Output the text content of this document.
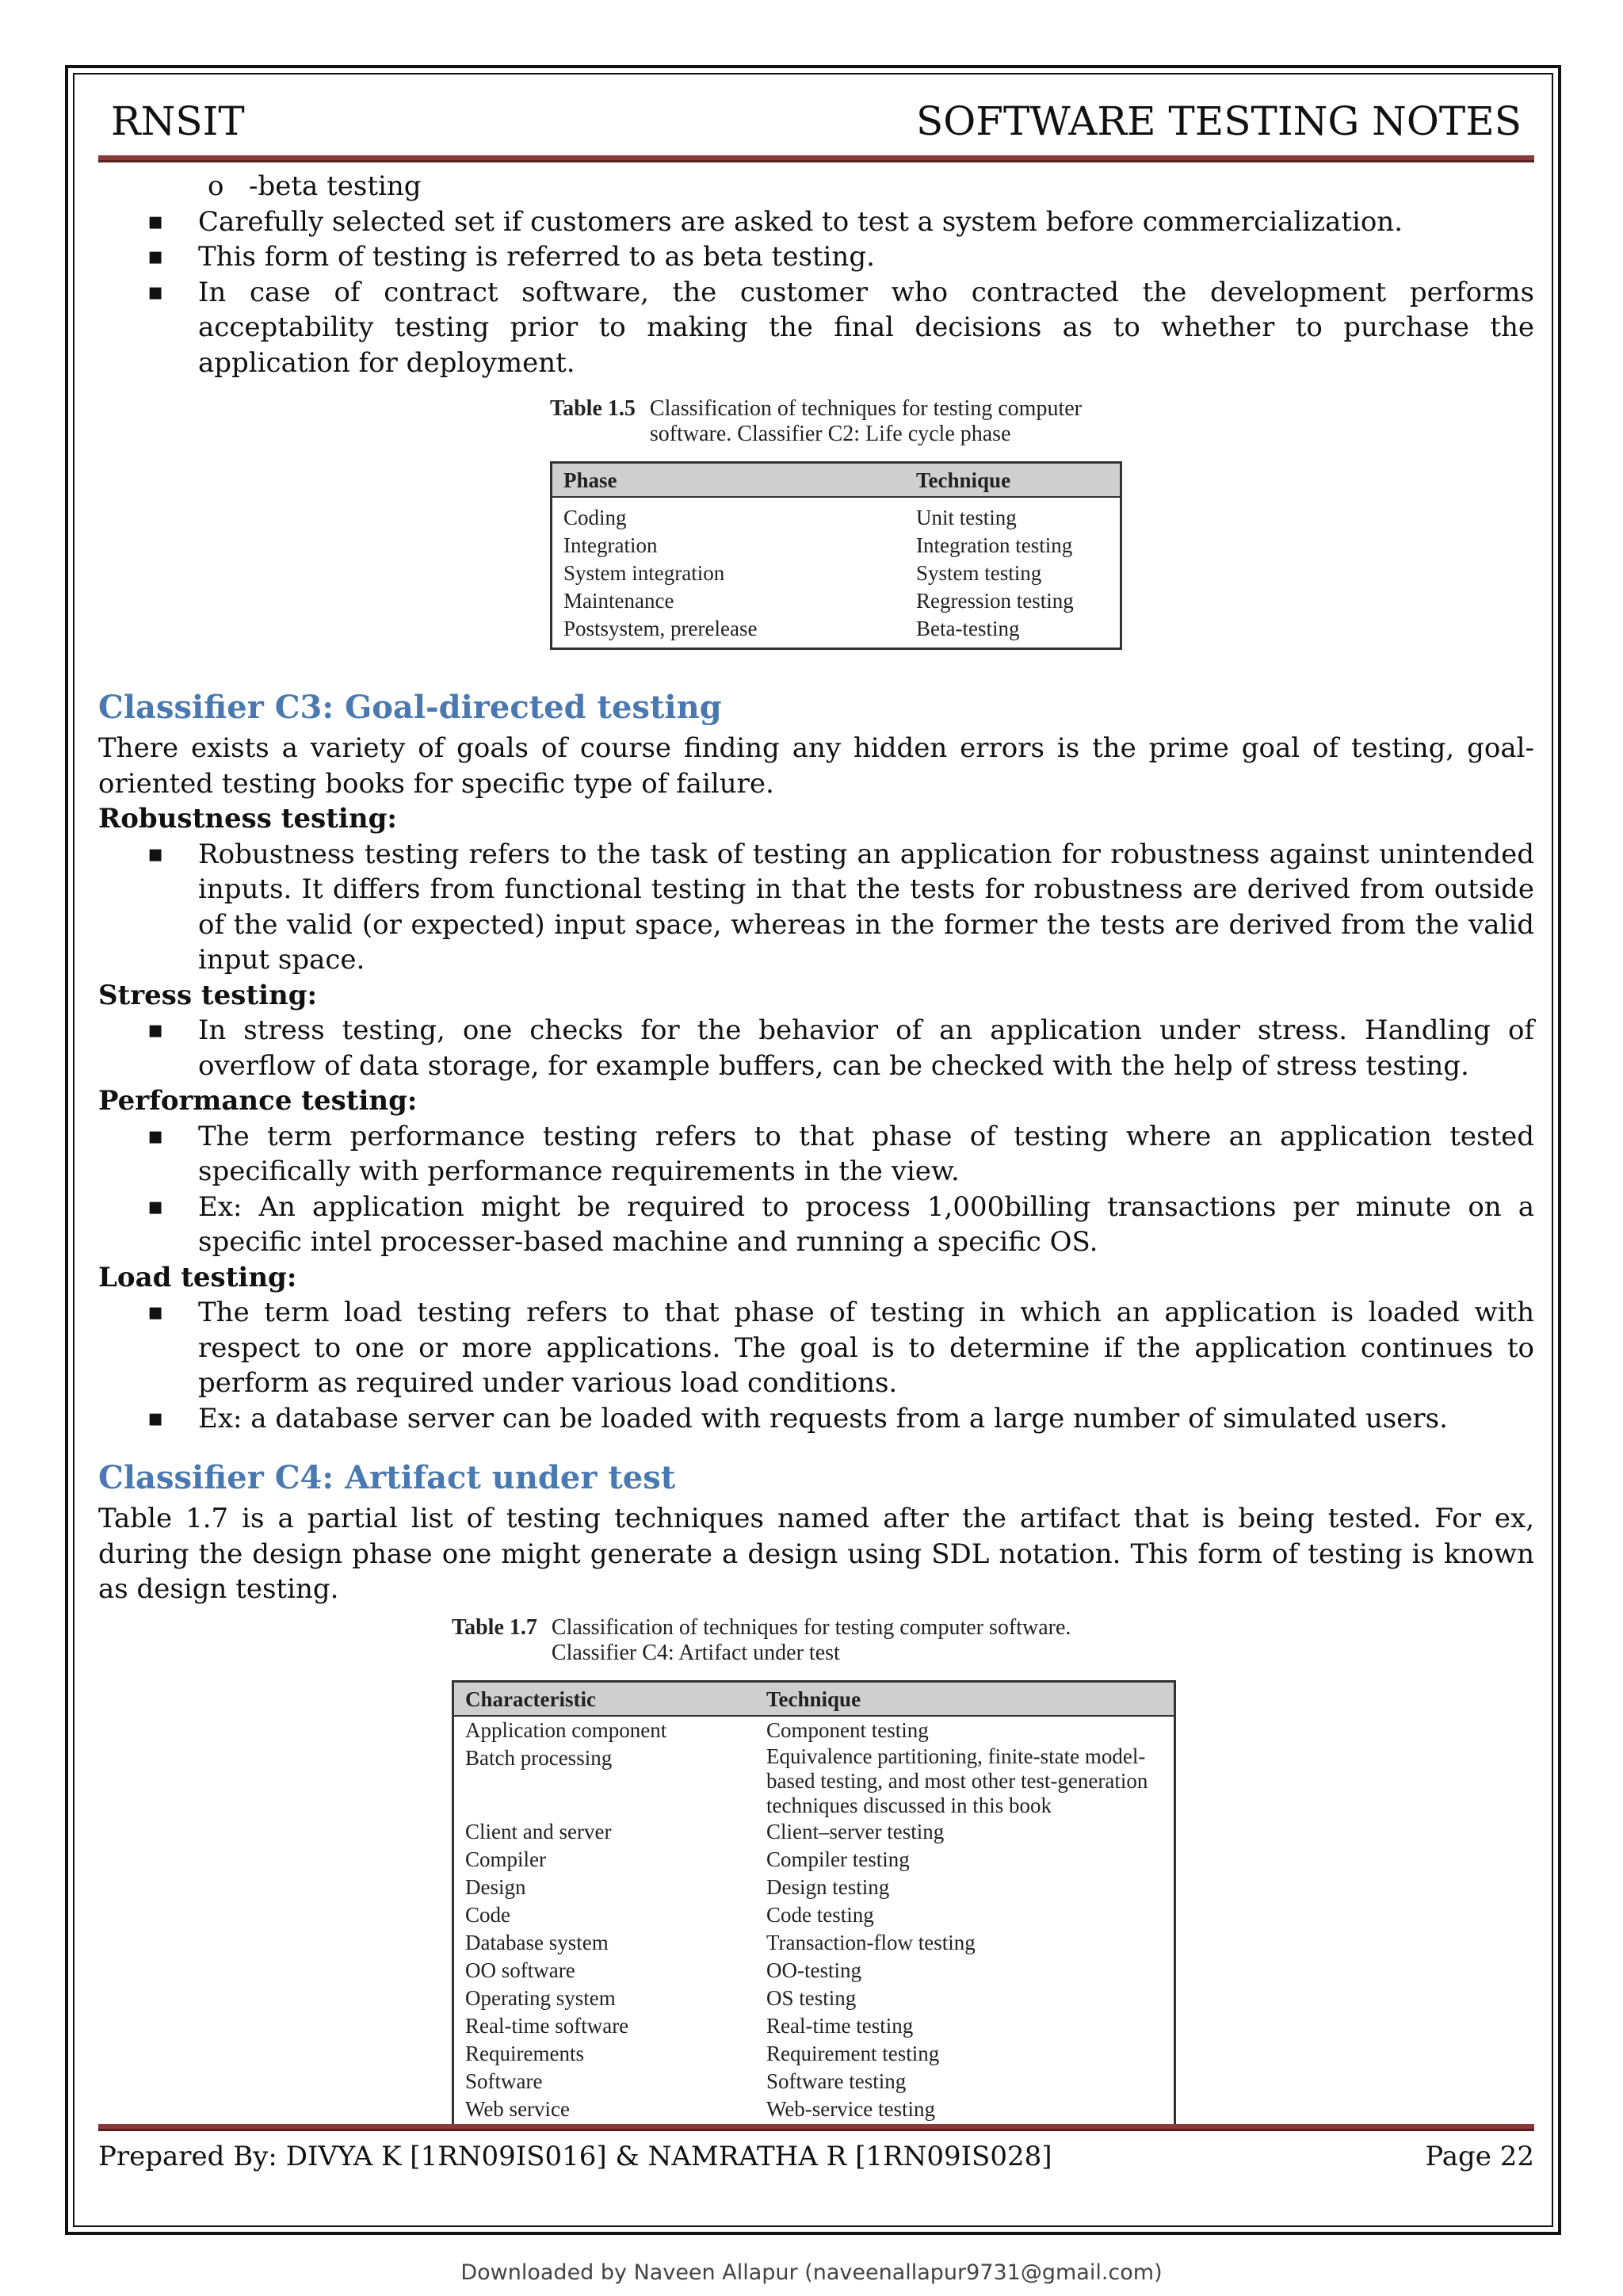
RNSIT	SOFTWARE TESTING NOTES
o -beta testing
▪ Carefully selected set if customers are asked to test a system before commercialization.
▪ This form of testing is referred to as beta testing.
▪ In case of contract software, the customer who contracted the development performs acceptability testing prior to making the final decisions as to whether to purchase the application for deployment.
Table 1.5 Classification of techniques for testing computer software. Classifier C2: Life cycle phase
Phase	Technique
Coding	Unit testing
Integration	Integration testing
System integration	System testing
Maintenance	Regression testing
Postsystem, prerelease	Beta-testing
Classifier C3: Goal-directed testing
There exists a variety of goals of course finding any hidden errors is the prime goal of testing, goal-oriented testing books for specific type of failure.
Robustness testing:
▪ Robustness testing refers to the task of testing an application for robustness against unintended inputs. It differs from functional testing in that the tests for robustness are derived from outside of the valid (or expected) input space, whereas in the former the tests are derived from the valid input space.
Stress testing:
▪ In stress testing, one checks for the behavior of an application under stress. Handling of overflow of data storage, for example buffers, can be checked with the help of stress testing.
Performance testing:
▪ The term performance testing refers to that phase of testing where an application tested specifically with performance requirements in the view.
▪ Ex: An application might be required to process 1,000billing transactions per minute on a specific intel processer-based machine and running a specific OS.
Load testing:
▪ The term load testing refers to that phase of testing in which an application is loaded with respect to one or more applications. The goal is to determine if the application continues to perform as required under various load conditions.
▪ Ex: a database server can be loaded with requests from a large number of simulated users.
Classifier C4: Artifact under test
Table 1.7 is a partial list of testing techniques named after the artifact that is being tested. For ex, during the design phase one might generate a design using SDL notation. This form of testing is known as design testing.
Table 1.7 Classification of techniques for testing computer software. Classifier C4: Artifact under test
Characteristic	Technique
Application component	Component testing
Batch processing	Equivalence partitioning, finite-state model-based testing, and most other test-generation techniques discussed in this book
Client and server	Client–server testing
Compiler	Compiler testing
Design	Design testing
Code	Code testing
Database system	Transaction-flow testing
OO software	OO-testing
Operating system	OS testing
Real-time software	Real-time testing
Requirements	Requirement testing
Software	Software testing
Web service	Web-service testing
Prepared By: DIVYA K [1RN09IS016] & NAMRATHA R [1RN09IS028]	Page 22
Downloaded by Naveen Allapur (naveenallapur9731@gmail.com)
